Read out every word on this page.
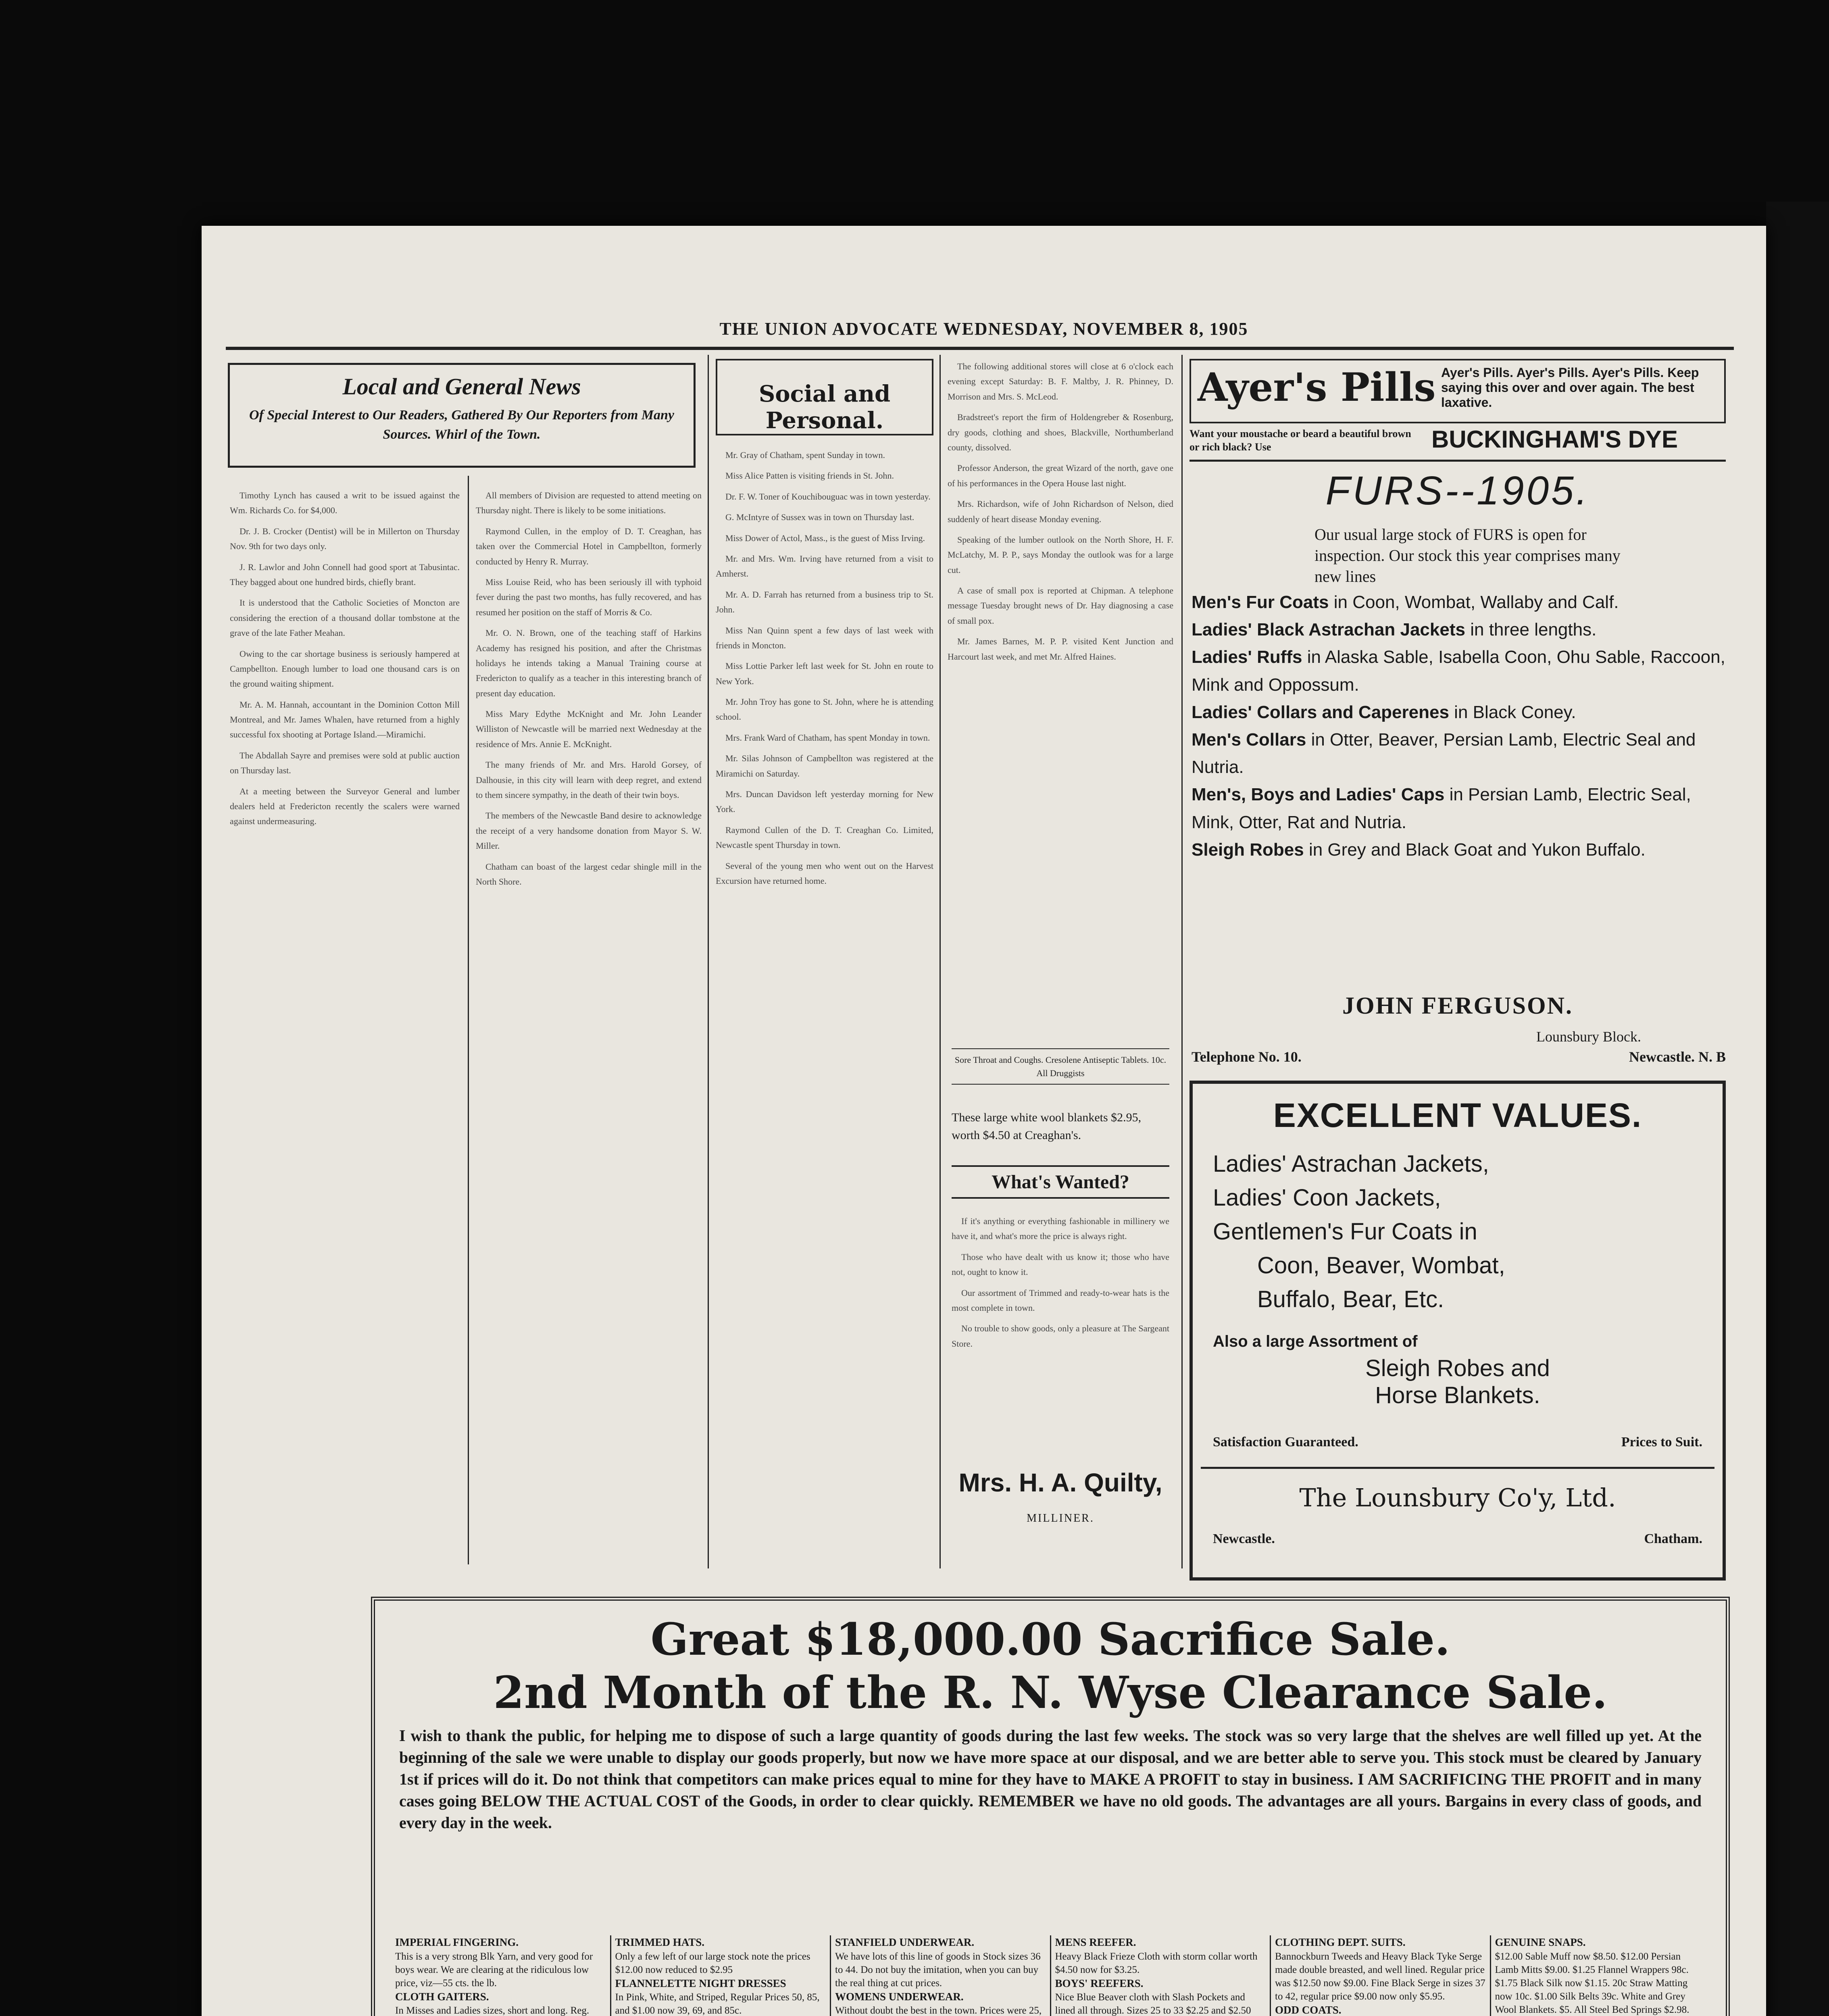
THE UNION ADVOCATE WEDNESDAY, NOVEMBER 8, 1905
Local and General News
Of Special Interest to Our Readers, Gathered By Our Reporters from Many Sources. Whirl of the Town.

Timothy Lynch has caused a writ to be issued against the Wm. Richards Co. for $4,000.

Dr. J. B. Crocker (Dentist) will be in Millerton on Thursday Nov. 9th for two days only.

J. R. Lawlor and John Connell had good sport at Tabusintac. They bagged about one hundred birds, chiefly brant.

It is understood that the Catholic Societies of Moncton are considering the erection of a thousand dollar tombstone at the grave of the late Father Meahan.

Owing to the car shortage business is seriously hampered at Campbellton. Enough lumber to load one thousand cars is on the ground waiting shipment.

Mr. A. M. Hannah, accountant in the Dominion Cotton Mill Montreal, and Mr. James Whalen, have returned from a highly successful fox shooting at Portage Island.—Miramichi.

The Abdallah Sayre and premises were sold at public auction on Thursday last.

At a meeting between the Surveyor General and lumber dealers held at Fredericton recently the scalers were warned against undermeasuring.

All members of Division are requested to attend meeting on Thursday night. There is likely to be some initiations.

Raymond Cullen, in the employ of D. T. Creaghan, has taken over the Commercial Hotel in Campbellton, formerly conducted by Henry R. Murray.

Miss Louise Reid, who has been seriously ill with typhoid fever during the past two months, has fully recovered, and has resumed her position on the staff of Morris & Co.

Mr. O. N. Brown, one of the teaching staff of Harkins Academy has resigned his position, and after the Christmas holidays he intends taking a Manual Training course at Fredericton to qualify as a teacher in this interesting branch of present day education.

Miss Mary Edythe McKnight and Mr. John Leander Williston of Newcastle will be married next Wednesday at the residence of Mrs. Annie E. McKnight.

The many friends of Mr. and Mrs. Harold Gorsey, of Dalhousie, in this city will learn with deep regret, and extend to them sincere sympathy, in the death of their twin boys.

The members of the Newcastle Band desire to acknowledge the receipt of a very handsome donation from Mayor S. W. Miller.

Chatham can boast of the largest cedar shingle mill in the North Shore.

Social and Personal.

Mr. Gray of Chatham, spent Sunday in town.

Miss Alice Patten is visiting friends in St. John.

Dr. F. W. Toner of Kouchibouguac was in town yesterday.

G. McIntyre of Sussex was in town on Thursday last.

Miss Dower of Actol, Mass., is the guest of Miss Irving.

Mr. and Mrs. Wm. Irving have returned from a visit to Amherst.

Mr. A. D. Farrah has returned from a business trip to St. John.

Miss Nan Quinn spent a few days of last week with friends in Moncton.

Miss Lottie Parker left last week for St. John en route to New York.

Mr. John Troy has gone to St. John, where he is attending school.

Mrs. Frank Ward of Chatham, has spent Monday in town.

Mr. Silas Johnson of Campbellton was registered at the Miramichi on Saturday.

Mrs. Duncan Davidson left yesterday morning for New York.

Raymond Cullen of the D. T. Creaghan Co. Limited, Newcastle spent Thursday in town.

Several of the young men who went out on the Harvest Excursion have returned home.

The following additional stores will close at 6 o'clock each evening except Saturday: B. F. Maltby, J. R. Phinney, D. Morrison and Mrs. S. McLeod.

Bradstreet's report the firm of Holdengreber & Rosenburg, dry goods, clothing and shoes, Blackville, Northumberland county, dissolved.

Professor Anderson, the great Wizard of the north, gave one of his performances in the Opera House last night.

Mrs. Richardson, wife of John Richardson of Nelson, died suddenly of heart disease Monday evening.

Speaking of the lumber outlook on the North Shore, H. F. McLatchy, M. P. P., says Monday the outlook was for a large cut.

A case of small pox is reported at Chipman. A telephone message Tuesday brought news of Dr. Hay diagnosing a case of small pox.

Mr. James Barnes, M. P. P. visited Kent Junction and Harcourt last week, and met Mr. Alfred Haines.

Sore Throat and Coughs. Cresolene Antiseptic Tablets. 10c. All Druggists
These large white wool blankets $2.95, worth $4.50 at Creaghan's.
What's Wanted?

If it's anything or everything fashionable in millinery we have it, and what's more the price is always right.

Those who have dealt with us know it; those who have not, ought to know it.

Our assortment of Trimmed and ready-to-wear hats is the most complete in town.

No trouble to show goods, only a pleasure at The Sargeant Store.

Mrs. H. A. Quilty,
MILLINER.
Ayer's Pills Ayer's Pills. Ayer's Pills. Ayer's Pills. Keep saying this over and over again. The best laxative.
Want your moustache or beard a beautiful brown or rich black? Use	BUCKINGHAM'S DYE
FURS--1905.
Our usual large stock of FURS is open for inspection. Our stock this year comprises many new lines
Men's Fur Coats in Coon, Wombat, Wallaby and Calf.
Ladies' Black Astrachan Jackets in three lengths.
Ladies' Ruffs in Alaska Sable, Isabella Coon, Ohu Sable, Raccoon, Mink and Oppossum.
Ladies' Collars and Caperenes in Black Coney.
Men's Collars in Otter, Beaver, Persian Lamb, Electric Seal and Nutria.
Men's, Boys and Ladies' Caps in Persian Lamb, Electric Seal, Mink, Otter, Rat and Nutria.
Sleigh Robes in Grey and Black Goat and Yukon Buffalo.
JOHN FERGUSON.
Lounsbury Block.
Telephone No. 10.	Newcastle. N. B
EXCELLENT VALUES.
Ladies' Astrachan Jackets,
Ladies' Coon Jackets,
Gentlemen's Fur Coats in
Coon, Beaver, Wombat,
Buffalo, Bear, Etc.
Also a large Assortment of
Sleigh Robes and
Horse Blankets.
Satisfaction Guaranteed.	Prices to Suit.
The Lounsbury Co'y, Ltd.
Newcastle.	Chatham.
Great $18,000.00 Sacrifice Sale.
2nd Month of the R. N. Wyse Clearance Sale.
I wish to thank the public, for helping me to dispose of such a large quantity of goods during the last few weeks. The stock was so very large that the shelves are well filled up yet. At the beginning of the sale we were unable to display our goods properly, but now we have more space at our disposal, and we are better able to serve you. This stock must be cleared by January 1st if prices will do it. Do not think that competitors can make prices equal to mine for they have to MAKE A PROFIT to stay in business. I AM SACRIFICING THE PROFIT and in many cases going BELOW THE ACTUAL COST of the Goods, in order to clear quickly. REMEMBER we have no old goods. The advantages are all yours. Bargains in every class of goods, and every day in the week.
IMPERIAL FINGERING.
This is a very strong Blk Yarn, and very good for boys wear. We are clearing at the ridiculous low price, viz—55 cts. the lb.
CLOTH GAITERS.
In Misses and Ladies sizes, short and long. Reg.
TRIMMED HATS.
Only a few left of our large stock note the prices $12.00 now reduced to $2.95
FLANNELETTE NIGHT DRESSES
In Pink, White, and Striped, Regular Prices 50, 85, and $1.00 now 39, 69, and 85c.
STANFIELD UNDERWEAR.
We have lots of this line of goods in Stock sizes 36 to 44. Do not buy the imitation, when you can buy the real thing at cut prices.
WOMENS UNDERWEAR.
Without doubt the best in the town. Prices were 25,
MENS REEFER.
Heavy Black Frieze Cloth with storm collar worth $4.50 now for $3.25.
BOYS' REEFERS.
Nice Blue Beaver cloth with Slash Pockets and lined all through. Sizes 25 to 33 $2.25 and $2.50
CLOTHING DEPT. SUITS.
Bannockburn Tweeds and Heavy Black Tyke Serge made double breasted, and well lined. Regular price was $12.50 now $9.00. Fine Black Serge in sizes 37 to 42, regular price $9.00 now only $5.95.
ODD COATS.
GENUINE SNAPS.
$12.00 Sable Muff now $8.50. $12.00 Persian Lamb Mitts $9.00. $1.25 Flannel Wrappers 98c. $1.75 Black Silk now $1.15. 20c Straw Matting now 10c. $1.00 Silk Belts 39c. White and Grey Wool Blankets. $5. All Steel Bed Springs $2.98.
